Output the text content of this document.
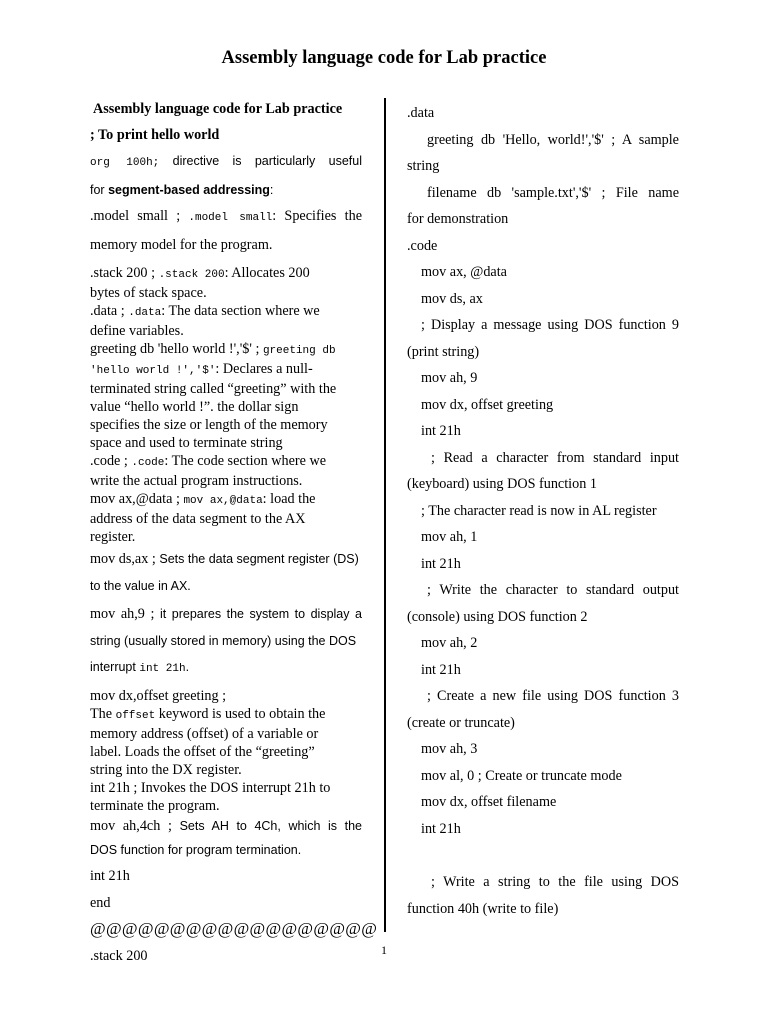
Assembly language code for Lab practice

Assembly language code for Lab practice

; To print hello world

org 100h; directive is particularly useful

for segment-based addressing:

.model small ; .model small: Specifies the

memory model for the program.

.stack 200 ; .stack 200: Allocates 200

bytes of stack space.

.data ; .data: The data section where we

define variables.

greeting db 'hello world !','$' ; greeting db

'hello world !','$': Declares a null-

terminated string called “greeting” with the

value “hello world !”. the dollar sign

specifies the size or length of the memory

space and used to terminate string

.code ; .code: The code section where we

write the actual program instructions.

mov ax,@data ; mov ax,@data: load the

address of the data segment to the AX

register.

mov ds,ax ; Sets the data segment register (DS)

to the value in AX.

mov ah,9 ; it prepares the system to display a

string (usually stored in memory) using the DOS

interrupt int 21h.

mov dx,offset greeting ;

The offset keyword is used to obtain the

memory address (offset) of a variable or

label. Loads the offset of the “greeting”

string into the DX register.

int 21h ; Invokes the DOS interrupt 21h to

terminate the program.

mov ah,4ch ; Sets AH to 4Ch, which is the

DOS function for program termination.

int 21h

end

@@@@@@@@@@@@@@@@@@

.stack 200

.data

greeting db 'Hello, world!','$' ; A sample

string

filename db 'sample.txt','$' ; File name

for demonstration

.code

mov ax, @data

mov ds, ax

; Display a message using DOS function 9

(print string)

mov ah, 9

mov dx, offset greeting

int 21h

; Read a character from standard input

(keyboard) using DOS function 1

; The character read is now in AL register

mov ah, 1

int 21h

; Write the character to standard output

(console) using DOS function 2

mov ah, 2

int 21h

; Create a new file using DOS function 3

(create or truncate)

mov ah, 3

mov al, 0 ; Create or truncate mode

mov dx, offset filename

int 21h

; Write a string to the file using DOS

function 40h (write to file)

1
